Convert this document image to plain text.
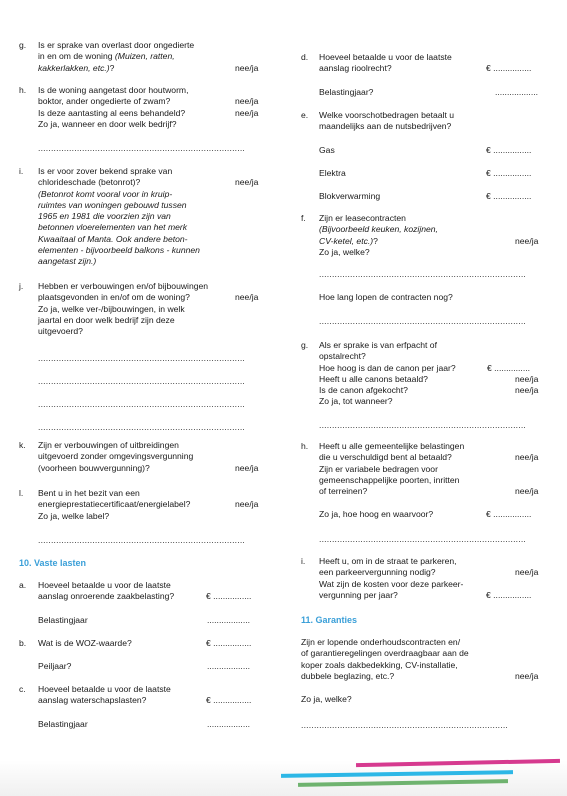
g. Is er sprake van overlast door ongedierte
in en om de woning (Muizen, ratten,
kakkerlakken, etc.)?	nee/ja
h. Is de woning aangetast door houtworm,
boktor, ander ongedierte of zwam?	nee/ja
Is deze aantasting al eens behandeld?	nee/ja
Zo ja, wanneer en door welk bedrijf?
................................................................................
i. Is er voor zover bekend sprake van
chlorideschade (betonrot)?	nee/ja
(Betonrot komt vooral voor in kruip-
ruimtes van woningen gebouwd tussen
1965 en 1981 die voorzien zijn van
betonnen vloerelementen van het merk
Kwaaitaal of Manta. Ook andere beton-
elementen - bijvoorbeeld balkons - kunnen
aangetast zijn.)
j. Hebben er verbouwingen en/of bijbouwingen
plaatsgevonden in en/of om de woning?	nee/ja
Zo ja, welke ver-/bijbouwingen, in welk
jaartal en door welk bedrijf zijn deze
uitgevoerd?
................................................................................
................................................................................
................................................................................
................................................................................
k. Zijn er verbouwingen of uitbreidingen
uitgevoerd zonder omgevingsvergunning
(voorheen bouwvergunning)?	nee/ja
l. Bent u in het bezit van een
energieprestatiecertificaat/energielabel?	nee/ja
Zo ja, welke label?
................................................................................
10. Vaste lasten
a. Hoeveel betaalde u voor de laatste
aanslag onroerende zaakbelasting?	€ ................
Belastingjaar	..................
b. Wat is de WOZ-waarde?	€ ................
Peiljaar?	..................
c. Hoeveel betaalde u voor de laatste
aanslag waterschapslasten?	€ ................
Belastingjaar	..................
d. Hoeveel betaalde u voor de laatste
aanslag rioolrecht?	€ ................
Belastingjaar?	..................
e. Welke voorschotbedragen betaalt u
maandelijks aan de nutsbedrijven?
Gas	€ ................
Elektra	€ ................
Blokverwarming	€ ................
f. Zijn er leasecontracten
(Bijvoorbeeld keuken, kozijnen,
CV-ketel, etc.)?	nee/ja
Zo ja, welke?
................................................................................
Hoe lang lopen de contracten nog?
................................................................................
g. Als er sprake is van erfpacht of
opstalrecht?
Hoe hoog is dan de canon per jaar?	€ ...............
Heeft u alle canons betaald?	nee/ja
Is de canon afgekocht?	nee/ja
Zo ja, tot wanneer?
................................................................................
h. Heeft u alle gemeentelijke belastingen
die u verschuldigd bent al betaald?	nee/ja
Zijn er variabele bedragen voor
gemeenschappelijke poorten, inritten
of terreinen?	nee/ja
Zo ja, hoe hoog en waarvoor?	€ ................
................................................................................
i. Heeft u, om in de straat te parkeren,
een parkeervergunning nodig?	nee/ja
Wat zijn de kosten voor deze parkeer-
vergunning per jaar?	€ ................
11. Garanties
Zijn er lopende onderhoudscontracten en/
of garantieregelingen overdraagbaar aan de
koper zoals dakbedekking, CV-installatie,
dubbele beglazing, etc.?	nee/ja
Zo ja, welke?
................................................................................
